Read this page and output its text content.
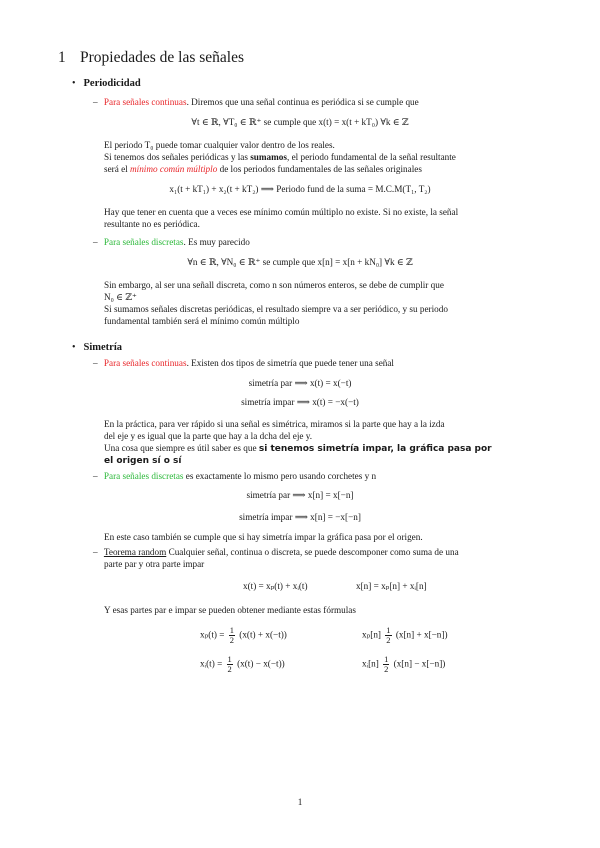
1 Propiedades de las señales
• Periodicidad
– Para señales continuas. Diremos que una señal continua es periódica si se cumple que
∀t ∈ ℝ, ∀T₀ ∈ ℝ⁺ se cumple que x(t) = x(t + kT₀) ∀k ∈ ℤ
El periodo T₀ puede tomar cualquier valor dentro de los reales.
Si tenemos dos señales periódicas y las sumamos, el periodo fundamental de la señal resultante
será el mínimo común múltiplo de los periodos fundamentales de las señales originales
x₁(t + kT₁) + x₂(t + kT₂) ⟹ Periodo fund de la suma = M.C.M(T₁, T₂)
Hay que tener en cuenta que a veces ese mínimo común múltiplo no existe. Si no existe, la señal
resultante no es periódica.
– Para señales discretas. Es muy parecido
∀n ∈ ℝ, ∀N₀ ∈ ℝ⁺ se cumple que x[n] = x[n + kN₀] ∀k ∈ ℤ
Sin embargo, al ser una señall discreta, como n son números enteros, se debe de cumplir que
N₀ ∈ ℤ⁺
Si sumamos señales discretas periódicas, el resultado siempre va a ser periódico, y su periodo
fundamental también será el mínimo común múltiplo
• Simetría
– Para señales continuas. Existen dos tipos de simetría que puede tener una señal
simetría par ⟹ x(t) = x(−t)
simetría impar ⟹ x(t) = −x(−t)
En la práctica, para ver rápido si una señal es simétrica, miramos si la parte que hay a la izda
del eje y es igual que la parte que hay a la dcha del eje y.
Una cosa que siempre es útil saber es que si tenemos simetría impar, la gráfica pasa por
el origen sí o sí
– Para señales discretas es exactamente lo mismo pero usando corchetes y n
simetría par ⟹ x[n] = x[−n]
simetría impar ⟹ x[n] = −x[−n]
En este caso también se cumple que si hay simetría impar la gráfica pasa por el origen.
– Teorema random Cualquier señal, continua o discreta, se puede descomponer como suma de una
parte par y otra parte impar
x(t) = xₚ(t) + xᵢ(t)	x[n] = xₚ[n] + xᵢ[n]
Y esas partes par e impar se pueden obtener mediante estas fórmulas
$x_p(t) = \frac{1}{2} (x(t) + x(-t))$	$x_p[n] \frac{1}{2} (x[n] + x[-n])$
xᵢ(t) = $\frac{1}{2} (x(t) - x(-t))$	xᵢ[n] $\frac{1}{2} (x[n] - x[-n])$
1
